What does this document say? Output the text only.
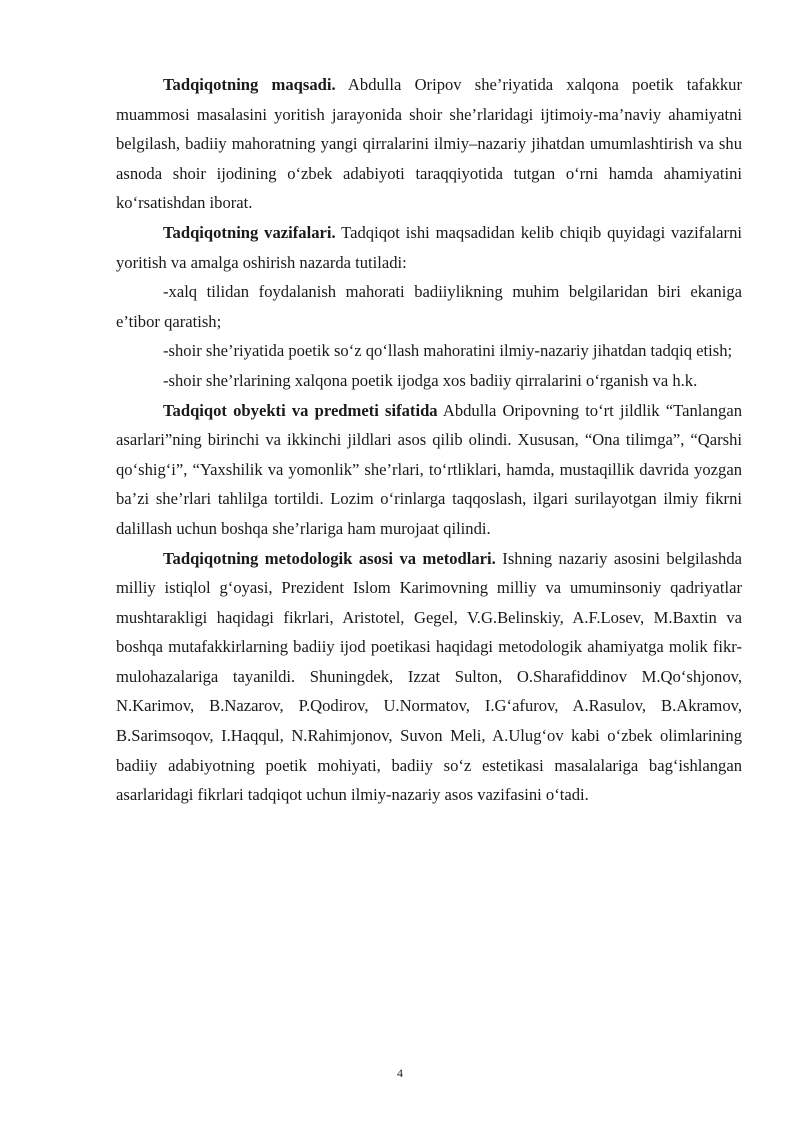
Tadqiqotning maqsadi. Abdulla Oripov she’riyatida xalqona poetik tafakkur muammosi masalasini yoritish jarayonida shoir she’rlaridagi ijtimoiy-ma’naviy ahamiyatni belgilash, badiiy mahoratning yangi qirralarini ilmiy–nazariy jihatdan umumlashtirish va shu asnoda shoir ijodining o‘zbek adabiyoti taraqqiyotida tutgan o‘rni hamda ahamiyatini ko‘rsatishdan iborat.

Tadqiqotning vazifalari. Tadqiqot ishi maqsadidan kelib chiqib quyidagi vazifalarni yoritish va amalga oshirish nazarda tutiladi:

-xalq tilidan foydalanish mahorati badiiylikning muhim belgilaridan biri ekaniga e’tibor qaratish;

-shoir she’riyatida poetik so‘z qo‘llash mahoratini ilmiy-nazariy jihatdan tadqiq etish;

-shoir she’rlarining xalqona poetik ijodga xos badiiy qirralarini o‘rganish va h.k.

Tadqiqot obyekti va predmeti sifatida Abdulla Oripovning to‘rt jildlik “Tanlangan asarlari”ning birinchi va ikkinchi jildlari asos qilib olindi. Xususan, “Ona tilimga”, “Qarshi qo‘shig‘i”, “Yaxshilik va yomonlik” she’rlari, to‘rtliklari, hamda, mustaqillik davrida yozgan ba’zi she’rlari tahlilga tortildi. Lozim o‘rinlarga taqqoslash, ilgari surilayotgan ilmiy fikrni dalillash uchun boshqa she’rlariga ham murojaat qilindi.

Tadqiqotning metodologik asosi va metodlari. Ishning nazariy asosini belgilashda milliy istiqlol g‘oyasi, Prezident Islom Karimovning milliy va umuminsoniy qadriyatlar mushtarakligi haqidagi fikrlari, Aristotel, Gegel, V.G.Belinskiy, A.F.Losev, M.Baxtin va boshqa mutafakkirlarning badiiy ijod poetikasi haqidagi metodologik ahamiyatga molik fikr-mulohazalariga tayanildi. Shuningdek, Izzat Sulton, O.Sharafiddinov M.Qo‘shjonov, N.Karimov, B.Nazarov, P.Qodirov, U.Normatov, I.G‘afurov, A.Rasulov, B.Akramov, B.Sarimsoqov, I.Haqqul, N.Rahimjonov, Suvon Meli, A.Ulug‘ov kabi o‘zbek olimlarining badiiy adabiyotning poetik mohiyati, badiiy so‘z estetikasi masalalariga bag‘ishlangan asarlaridagi fikrlari tadqiqot uchun ilmiy-nazariy asos vazifasini o‘tadi.

4
